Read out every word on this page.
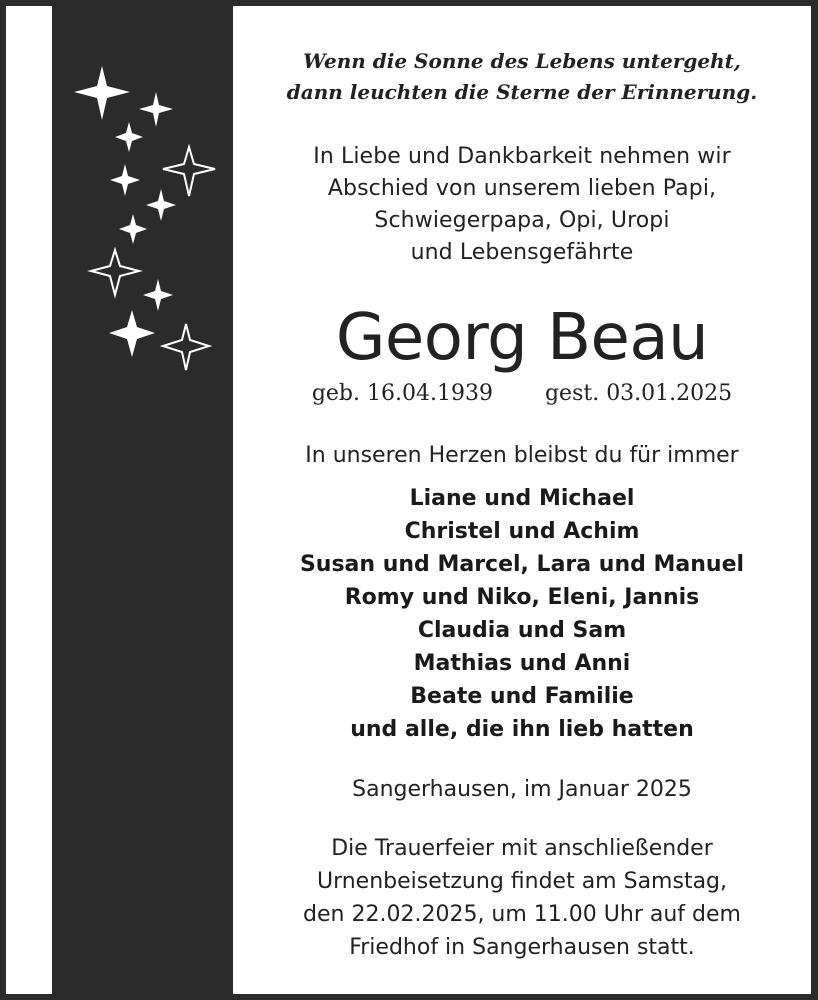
Wenn die Sonne des Lebens untergeht,
dann leuchten die Sterne der Erinnerung.
In Liebe und Dankbarkeit nehmen wir
Abschied von unserem lieben Papi,
Schwiegerpapa, Opi, Uropi
und Lebensgefährte
Georg Beau
geb. 16.04.1939 gest. 03.01.2025
In unseren Herzen bleibst du für immer
Liane und Michael
Christel und Achim
Susan und Marcel, Lara und Manuel
Romy und Niko, Eleni, Jannis
Claudia und Sam
Mathias und Anni
Beate und Familie
und alle, die ihn lieb hatten
Sangerhausen, im Januar 2025
Die Trauerfeier mit anschließender
Urnenbeisetzung findet am Samstag,
den 22.02.2025, um 11.00 Uhr auf dem
Friedhof in Sangerhausen statt.
